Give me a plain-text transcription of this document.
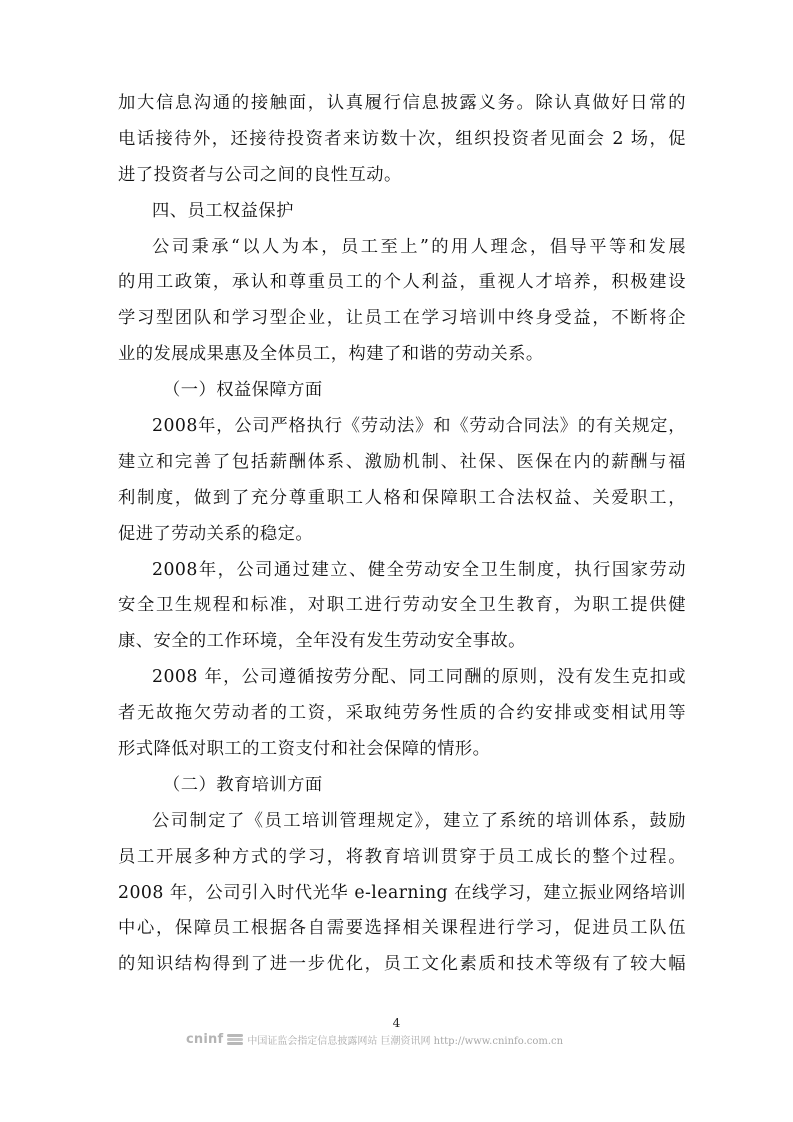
加大信息沟通的接触面，认真履行信息披露义务。除认真做好日常的
电话接待外，还接待投资者来访数十次，组织投资者见面会 2 场，促
进了投资者与公司之间的良性互动。
四、员工权益保护
公司秉承“以人为本，员工至上”的用人理念，倡导平等和发展
的用工政策，承认和尊重员工的个人利益，重视人才培养，积极建设
学习型团队和学习型企业，让员工在学习培训中终身受益，不断将企
业的发展成果惠及全体员工，构建了和谐的劳动关系。
（一）权益保障方面
2008年，公司严格执行《劳动法》和《劳动合同法》的有关规定，
建立和完善了包括薪酬体系、激励机制、社保、医保在内的薪酬与福
利制度，做到了充分尊重职工人格和保障职工合法权益、关爱职工，
促进了劳动关系的稳定。
2008年，公司通过建立、健全劳动安全卫生制度，执行国家劳动
安全卫生规程和标准，对职工进行劳动安全卫生教育，为职工提供健
康、安全的工作环境，全年没有发生劳动安全事故。
2008 年，公司遵循按劳分配、同工同酬的原则，没有发生克扣或
者无故拖欠劳动者的工资，采取纯劳务性质的合约安排或变相试用等
形式降低对职工的工资支付和社会保障的情形。
（二）教育培训方面
公司制定了《员工培训管理规定》，建立了系统的培训体系，鼓励
员工开展多种方式的学习，将教育培训贯穿于员工成长的整个过程。
2008 年，公司引入时代光华 e-learning 在线学习，建立振业网络培训
中心，保障员工根据各自需要选择相关课程进行学习，促进员工队伍
的知识结构得到了进一步优化，员工文化素质和技术等级有了较大幅
4
cninf 中国证监会指定信息披露网站 巨潮资讯网 http://www.cninfo.com.cn
